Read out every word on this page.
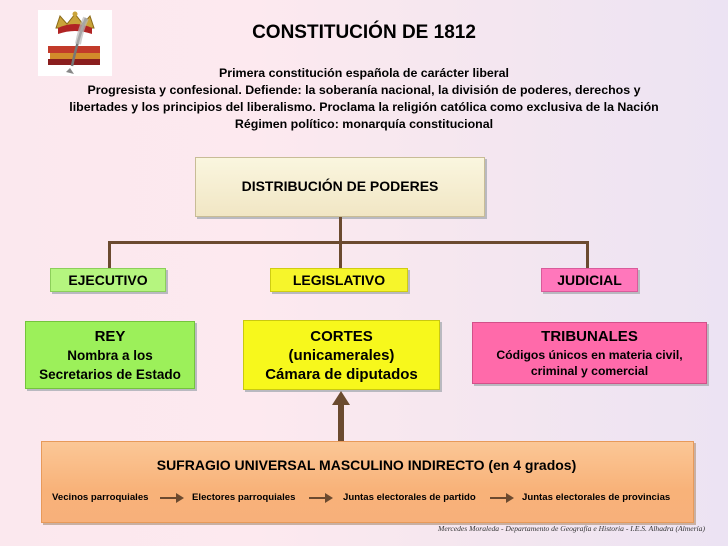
CONSTITUCIÓN DE 1812
Primera constitución española de carácter liberal
Progresista y confesional. Defiende: la soberanía nacional, la división de poderes, derechos y
libertades y los principios del liberalismo. Proclama la religión católica como exclusiva de la Nación
Régimen político: monarquía constitucional
DISTRIBUCIÓN DE PODERES
EJECUTIVO	LEGISLATIVO	JUDICIAL
REY
Nombra a los
Secretarios de Estado
CORTES
(unicamerales)
Cámara de diputados
TRIBUNALES
Códigos únicos en materia civil,
criminal y comercial
SUFRAGIO UNIVERSAL MASCULINO INDIRECTO (en 4 grados)
Vecinos parroquiales	Electores parroquiales	Juntas electorales de partido	Juntas electorales de provincias
Mercedes Moraleda - Departamento de Geografía e Historia - I.E.S. Alhadra (Almería)
